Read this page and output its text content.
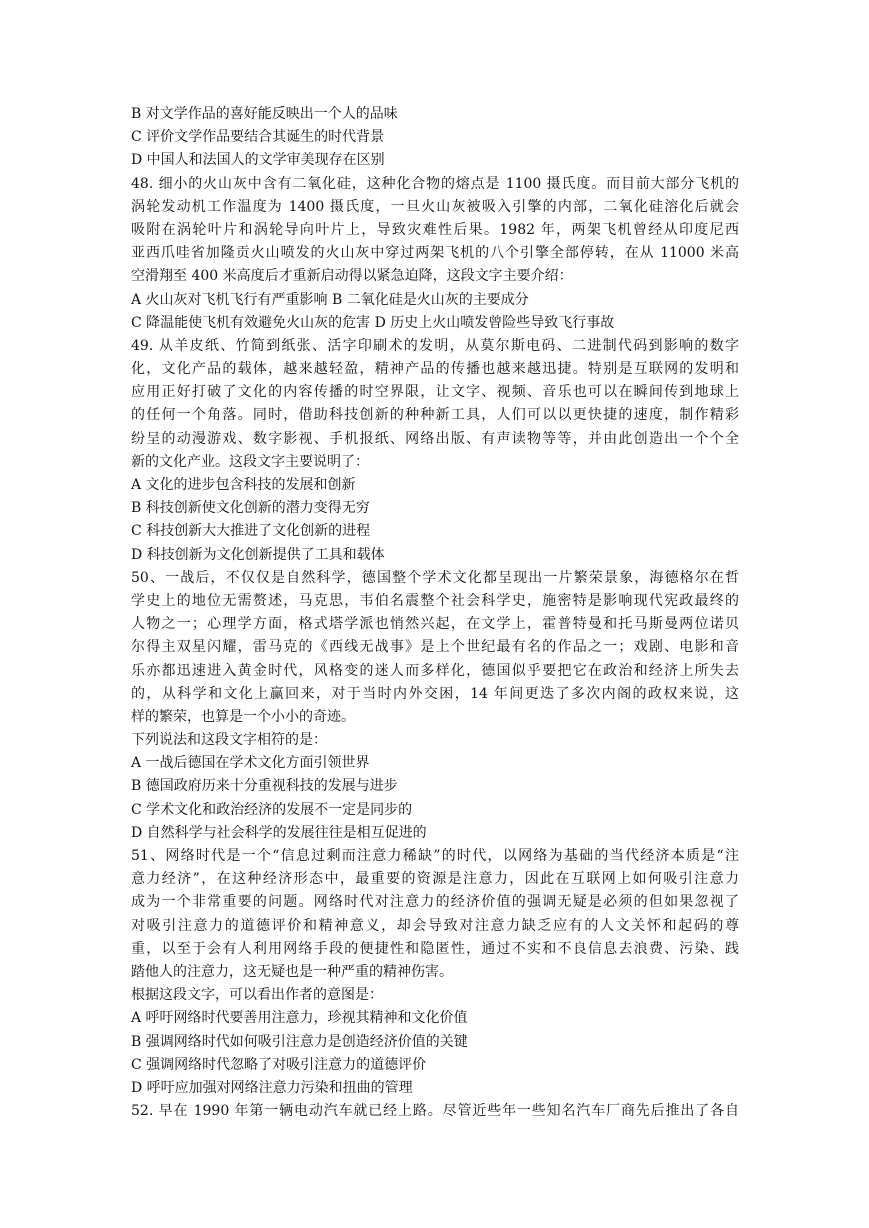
B 对文学作品的喜好能反映出一个人的品味
C 评价文学作品要结合其诞生的时代背景
D 中国人和法国人的文学审美现存在区别
48. 细小的火山灰中含有二氧化硅，这种化合物的熔点是 1100 摄氏度。而目前大部分飞机的
涡轮发动机工作温度为 1400 摄氏度，一旦火山灰被吸入引擎的内部，二氧化硅溶化后就会
吸附在涡轮叶片和涡轮导向叶片上，导致灾难性后果。1982 年，两架飞机曾经从印度尼西
亚西爪哇省加隆贡火山喷发的火山灰中穿过两架飞机的八个引擎全部停转，在从 11000 米高
空滑翔至 400 米高度后才重新启动得以紧急迫降，这段文字主要介绍：
A 火山灰对飞机飞行有严重影响 B 二氧化硅是火山灰的主要成分
C 降温能使飞机有效避免火山灰的危害 D 历史上火山喷发曾险些导致飞行事故
49. 从羊皮纸、竹简到纸张、活字印刷术的发明，从莫尔斯电码、二进制代码到影响的数字
化，文化产品的载体，越来越轻盈，精神产品的传播也越来越迅捷。特别是互联网的发明和
应用正好打破了文化的内容传播的时空界限，让文字、视频、音乐也可以在瞬间传到地球上
的任何一个角落。同时，借助科技创新的种种新工具，人们可以以更快捷的速度，制作精彩
纷呈的动漫游戏、数字影视、手机报纸、网络出版、有声读物等等，并由此创造出一个个全
新的文化产业。这段文字主要说明了：
A 文化的进步包含科技的发展和创新
B 科技创新使文化创新的潜力变得无穷
C 科技创新大大推进了文化创新的进程
D 科技创新为文化创新提供了工具和载体
50、一战后，不仅仅是自然科学，德国整个学术文化都呈现出一片繁荣景象，海德格尔在哲
学史上的地位无需赘述，马克思，韦伯名震整个社会科学史，施密特是影响现代宪政最终的
人物之一；心理学方面，格式塔学派也悄然兴起，在文学上，霍普特曼和托马斯曼两位诺贝
尔得主双星闪耀，雷马克的《西线无战事》是上个世纪最有名的作品之一；戏剧、电影和音
乐亦都迅速进入黄金时代，风格变的迷人而多样化，德国似乎要把它在政治和经济上所失去
的，从科学和文化上赢回来，对于当时内外交困，14 年间更迭了多次内阁的政权来说，这
样的繁荣，也算是一个小小的奇迹。
下列说法和这段文字相符的是：
A 一战后德国在学术文化方面引领世界
B 德国政府历来十分重视科技的发展与进步
C 学术文化和政治经济的发展不一定是同步的
D 自然科学与社会科学的发展往往是相互促进的
51、网络时代是一个“信息过剩而注意力稀缺”的时代，以网络为基础的当代经济本质是“注
意力经济”，在这种经济形态中，最重要的资源是注意力，因此在互联网上如何吸引注意力
成为一个非常重要的问题。网络时代对注意力的经济价值的强调无疑是必须的但如果忽视了
对吸引注意力的道德评价和精神意义，却会导致对注意力缺乏应有的人文关怀和起码的尊
重，以至于会有人利用网络手段的便捷性和隐匿性，通过不实和不良信息去浪费、污染、践
踏他人的注意力，这无疑也是一种严重的精神伤害。
根据这段文字，可以看出作者的意图是：
A 呼吁网络时代要善用注意力，珍视其精神和文化价值
B 强调网络时代如何吸引注意力是创造经济价值的关键
C 强调网络时代忽略了对吸引注意力的道德评价
D 呼吁应加强对网络注意力污染和扭曲的管理
52. 早在 1990 年第一辆电动汽车就已经上路。尽管近些年一些知名汽车厂商先后推出了各自
